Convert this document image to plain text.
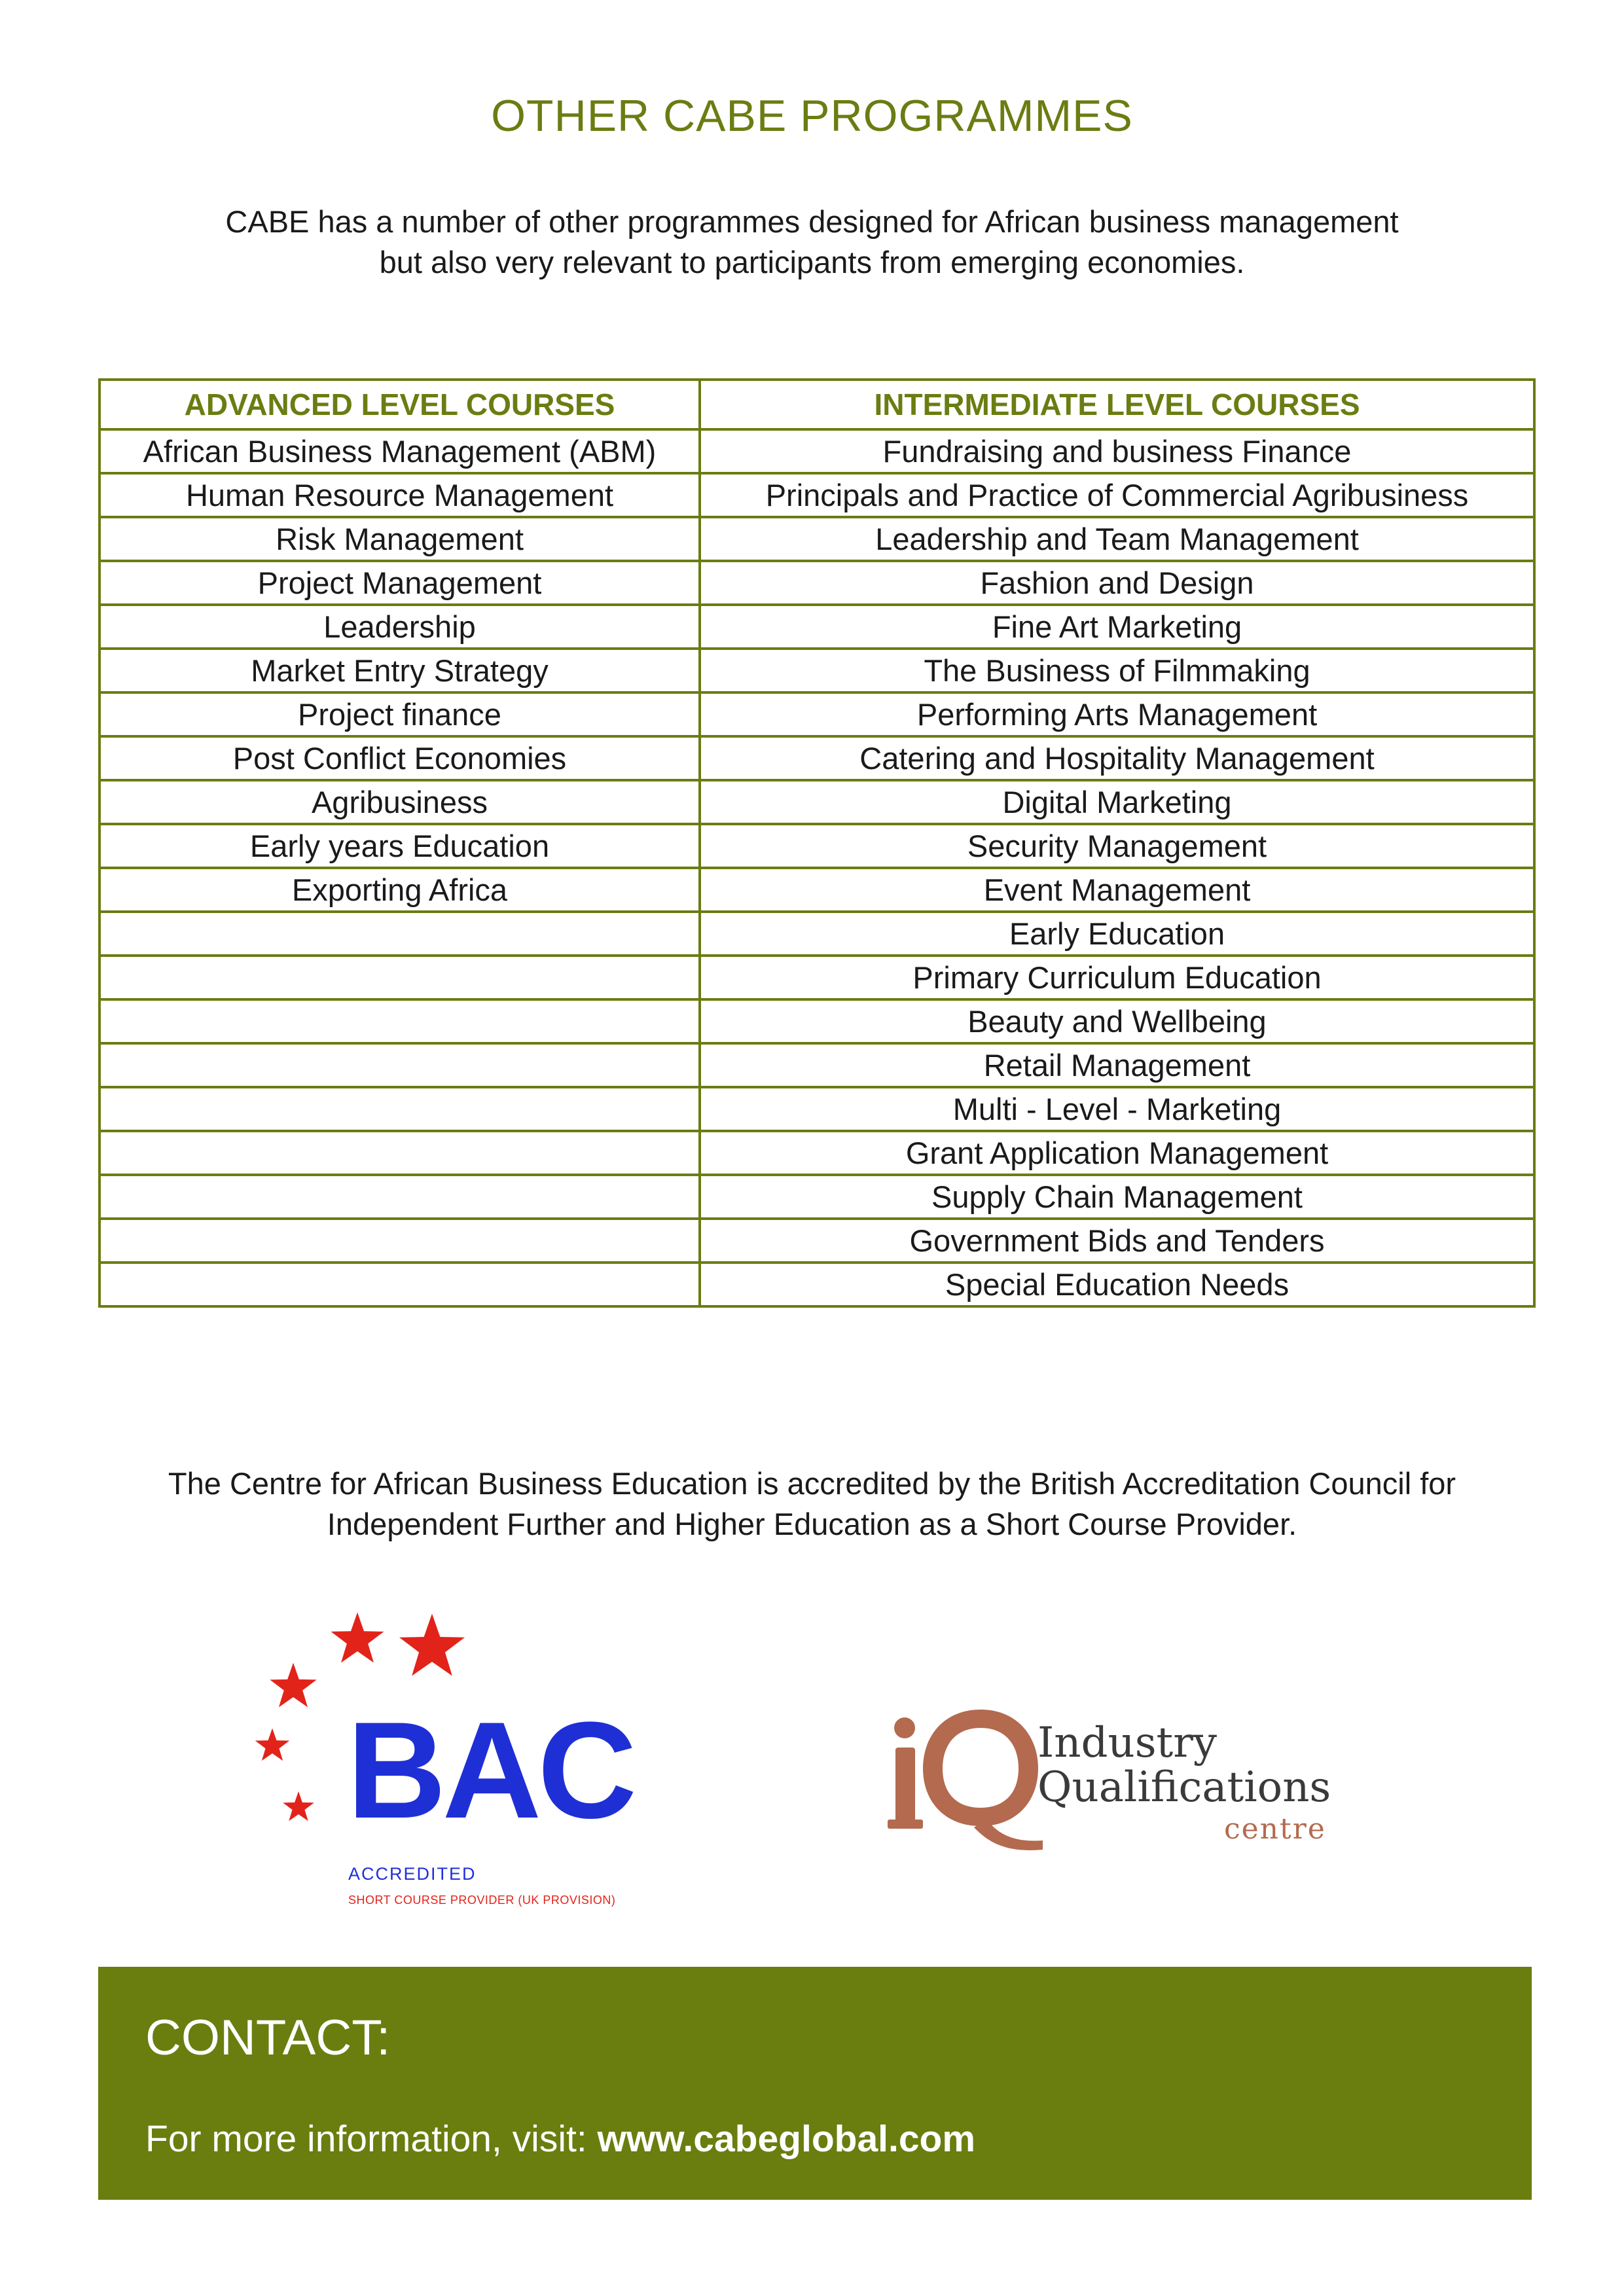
OTHER CABE PROGRAMMES
CABE has a number of other programmes designed for African business management
but also very relevant to participants from emerging economies.
ADVANCED LEVEL COURSES	INTERMEDIATE LEVEL COURSES
African Business Management (ABM)	Fundraising and business Finance
Human Resource Management	Principals and Practice of Commercial Agribusiness
Risk Management	Leadership and Team Management
Project Management	Fashion and Design
Leadership	Fine Art Marketing
Market Entry Strategy	The Business of Filmmaking
Project finance	Performing Arts Management
Post Conflict Economies	Catering and Hospitality Management
Agribusiness	Digital Marketing
Early years Education	Security Management
Exporting Africa	Event Management
	Early Education
	Primary Curriculum Education
	Beauty and Wellbeing
	Retail Management
	Multi - Level - Marketing
	Grant Application Management
	Supply Chain Management
	Government Bids and Tenders
	Special Education Needs
The Centre for African Business Education is accredited by the British Accreditation Council for
Independent Further and Higher Education as a Short Course Provider.
BAC
ACCREDITED
SHORT COURSE PROVIDER (UK PROVISION)
Industry
Qualifications
centre
CONTACT:
For more information, visit: www.cabeglobal.com
